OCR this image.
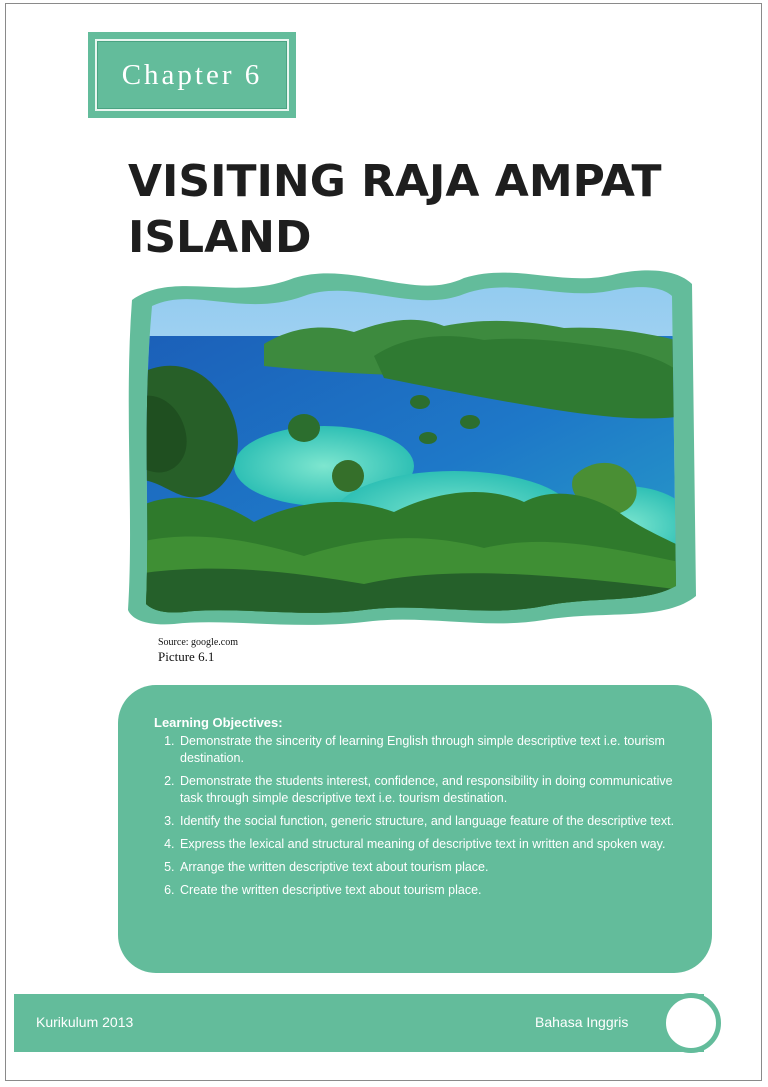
Chapter 6
VISITING RAJA AMPAT
ISLAND
Source: google.com
Picture 6.1
Learning Objectives:
1. Demonstrate the sincerity of learning English through simple descriptive text i.e. tourism destination.
2. Demonstrate the students interest, confidence, and responsibility in doing communicative task through simple descriptive text i.e. tourism destination.
3. Identify the social function, generic structure, and language feature of the descriptive text.
4. Express the lexical and structural meaning of descriptive text in written and spoken way.
5. Arrange the written descriptive text about tourism place.
6. Create the written descriptive text about tourism place.
Kurikulum 2013	Bahasa Inggris
